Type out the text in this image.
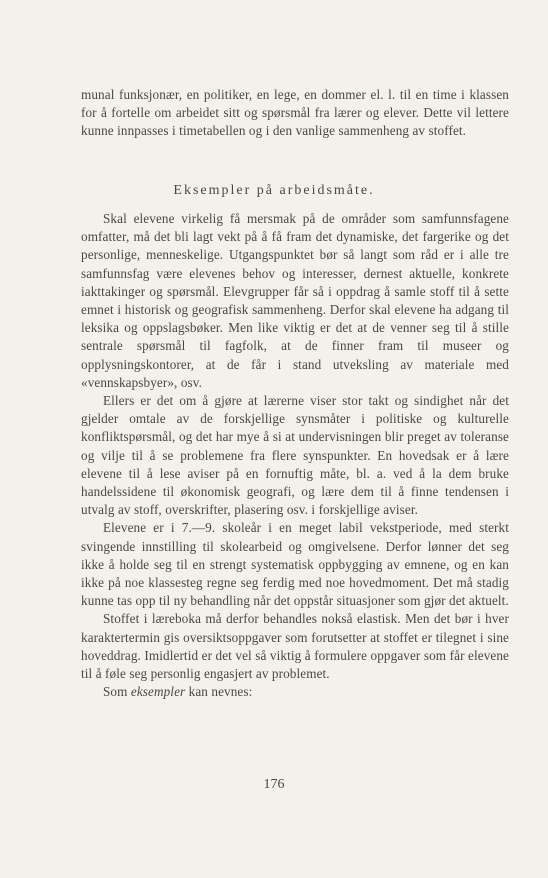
munal funksjonær, en politiker, en lege, en dommer el. l. til en time i klassen for å fortelle om arbeidet sitt og spørsmål fra lærer og elever. Dette vil lettere kunne innpasses i timetabellen og i den vanlige sammenheng av stoffet.

Eksempler på arbeidsmåte.

Skal elevene virkelig få mersmak på de områder som samfunnsfagene omfatter, må det bli lagt vekt på å få fram det dynamiske, det fargerike og det personlige, menneskelige. Utgangspunktet bør så langt som råd er i alle tre samfunnsfag være elevenes behov og interesser, dernest aktuelle, konkrete iakttakinger og spørsmål. Elevgrupper får så i oppdrag å samle stoff til å sette emnet i historisk og geografisk sammenheng. Derfor skal elevene ha adgang til leksika og oppslagsbøker. Men like viktig er det at de venner seg til å stille sentrale spørsmål til fagfolk, at de finner fram til museer og opplysningskontorer, at de får i stand utveksling av materiale med «vennskapsbyer», osv.

Ellers er det om å gjøre at lærerne viser stor takt og sindighet når det gjelder omtale av de forskjellige synsmåter i politiske og kulturelle konfliktspørsmål, og det har mye å si at undervisningen blir preget av toleranse og vilje til å se problemene fra flere synspunkter. En hovedsak er å lære elevene til å lese aviser på en fornuftig måte, bl. a. ved å la dem bruke handelssidene til økonomisk geografi, og lære dem til å finne tendensen i utvalg av stoff, overskrifter, plasering osv. i forskjellige aviser.

Elevene er i 7.—9. skoleår i en meget labil vekstperiode, med sterkt svingende innstilling til skolearbeid og omgivelsene. Derfor lønner det seg ikke å holde seg til en strengt systematisk oppbygging av emnene, og en kan ikke på noe klassesteg regne seg ferdig med noe hovedmoment. Det må stadig kunne tas opp til ny behandling når det oppstår situasjoner som gjør det aktuelt.

Stoffet i læreboka må derfor behandles nokså elastisk. Men det bør i hver karaktertermin gis oversiktsoppgaver som forutsetter at stoffet er tilegnet i sine hoveddrag. Imidlertid er det vel så viktig å formulere oppgaver som får elevene til å føle seg personlig engasjert av problemet.

Som eksempler kan nevnes:

176
